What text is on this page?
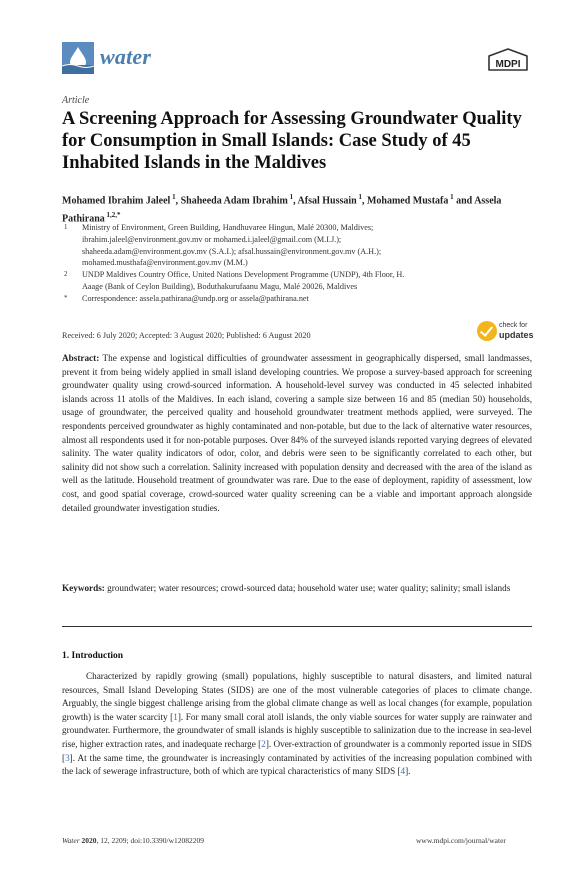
water	MDPI
Article
A Screening Approach for Assessing Groundwater Quality for Consumption in Small Islands: Case Study of 45 Inhabited Islands in the Maldives
Mohamed Ibrahim Jaleel $^1$, Shaheeda Adam Ibrahim $^1$, Afsal Hussain $^1$, Mohamed Mustafa $^1$ and Assela Pathirana $^{1,2,*}$
1 Ministry of Environment, Green Building, Handhuvaree Hingun, Malé 20300, Maldives;
ibrahim.jaleel@environment.gov.mv or mohamed.i.jaleel@gmail.com (M.I.J.);
shaheeda.adam@environment.gov.mv (S.A.I.); afsal.hussain@environment.gov.mv (A.H.);
mohamed.musthafa@environment.gov.mv (M.M.)
2 UNDP Maldives Country Office, United Nations Development Programme (UNDP), 4th Floor, H.
Aaage (Bank of Ceylon Building), Boduthakurufaanu Magu, Malé 20026, Maldives
* Correspondence: assela.pathirana@undp.org or assela@pathirana.net
Received: 6 July 2020; Accepted: 3 August 2020; Published: 6 August 2020
check for
updates
Abstract: The expense and logistical difficulties of groundwater assessment in geographically dispersed, small landmasses, prevent it from being widely applied in small island developing countries. We propose a survey-based approach for screening groundwater quality using crowd-sourced information. A household-level survey was conducted in 45 selected inhabited islands across 11 atolls of the Maldives. In each island, covering a sample size between 16 and 85 (median 50) households, usage of groundwater, the perceived quality and household groundwater treatment methods applied, were surveyed. The respondents perceived groundwater as highly contaminated and non-potable, but due to the lack of alternative water resources, almost all respondents used it for non-potable purposes. Over 84% of the surveyed islands reported varying degrees of elevated salinity. The water quality indicators of odor, color, and debris were seen to be significantly correlated to each other, but salinity did not show such a correlation. Salinity increased with population density and decreased with the area of the island as well as the latitude. Household treatment of groundwater was rare. Due to the ease of deployment, rapidity of assessment, low cost, and good spatial coverage, crowd-sourced water quality screening can be a viable and important approach alongside detailed groundwater investigation studies.
Keywords: groundwater; water resources; crowd-sourced data; household water use; water quality; salinity; small islands
1. Introduction

Characterized by rapidly growing (small) populations, highly susceptible to natural disasters, and limited natural resources, Small Island Developing States (SIDS) are one of the most vulnerable categories of places to climate change. Arguably, the single biggest challenge arising from the global climate change as well as local changes (for example, population growth) is the water scarcity [1]. For many small coral atoll islands, the only viable sources for water supply are rainwater and groundwater. Furthermore, the groundwater of small islands is highly susceptible to salinization due to the increase in sea-level rise, higher extraction rates, and inadequate recharge [2]. Over-extraction of groundwater is a commonly reported issue in SIDS [3]. At the same time, the groundwater is increasingly contaminated by activities of the increasing population combined with the lack of sewerage infrastructure, both of which are typical characteristics of many SIDS [4].

Water 2020, 12, 2209; doi:10.3390/w12082209	www.mdpi.com/journal/water
